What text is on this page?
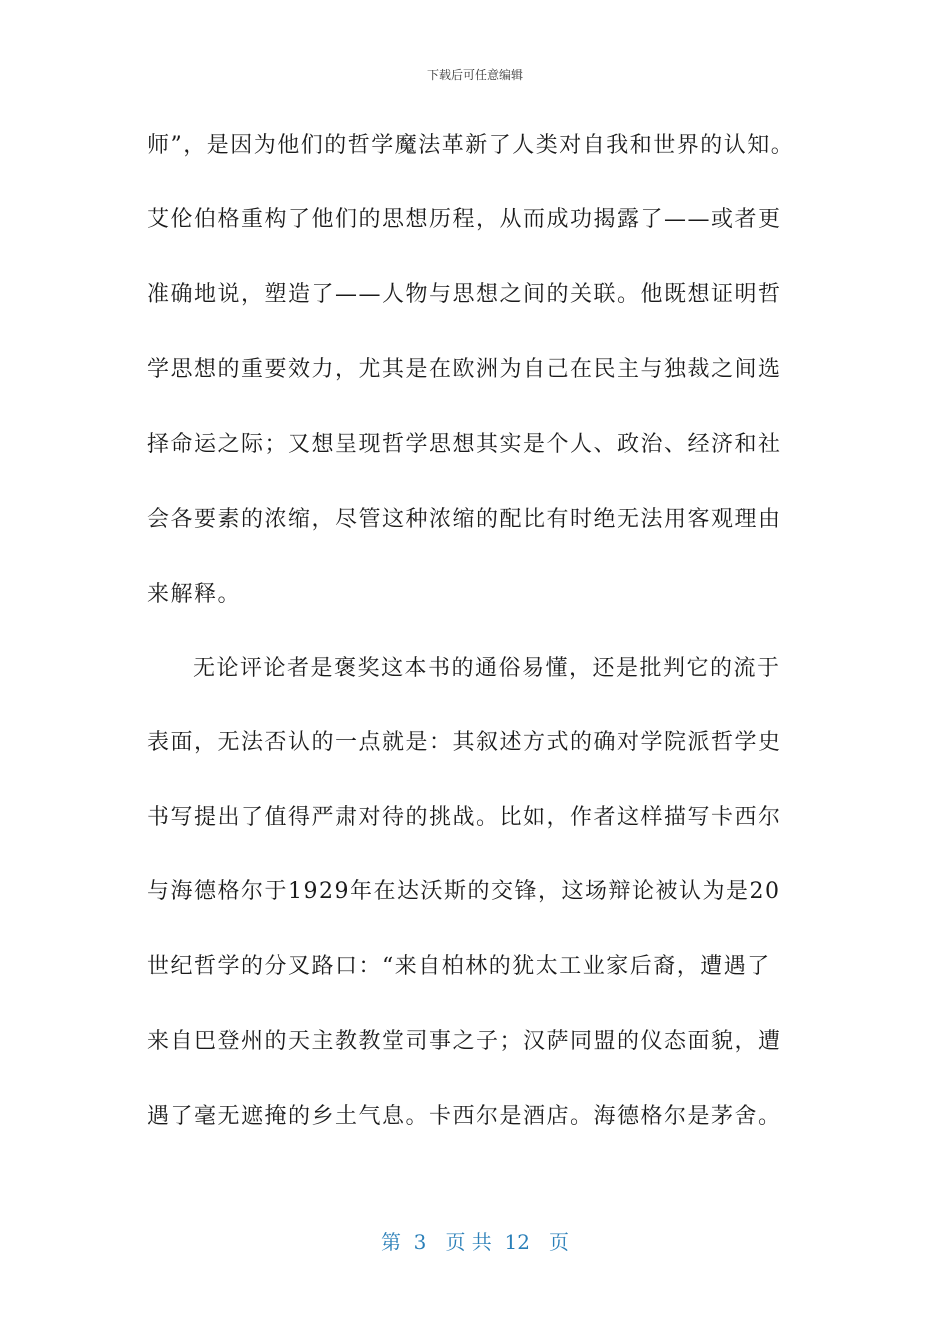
下载后可任意编辑
师”，是因为他们的哲学魔法革新了人类对自我和世界的认知。
艾伦伯格重构了他们的思想历程，从而成功揭露了——或者更
准确地说，塑造了——人物与思想之间的关联。他既想证明哲
学思想的重要效力，尤其是在欧洲为自己在民主与独裁之间选
择命运之际；又想呈现哲学思想其实是个人、政治、经济和社
会各要素的浓缩，尽管这种浓缩的配比有时绝无法用客观理由
来解释。
无论评论者是褒奖这本书的通俗易懂，还是批判它的流于
表面，无法否认的一点就是：其叙述方式的确对学院派哲学史
书写提出了值得严肃对待的挑战。比如，作者这样描写卡西尔
与海德格尔于1929年在达沃斯的交锋，这场辩论被认为是20
世纪哲学的分叉路口：“来自柏林的犹太工业家后裔，遭遇了
来自巴登州的天主教教堂司事之子；汉萨同盟的仪态面貌，遭
遇了毫无遮掩的乡土气息。卡西尔是酒店。海德格尔是茅舍。
第  3   页 共  12   页
